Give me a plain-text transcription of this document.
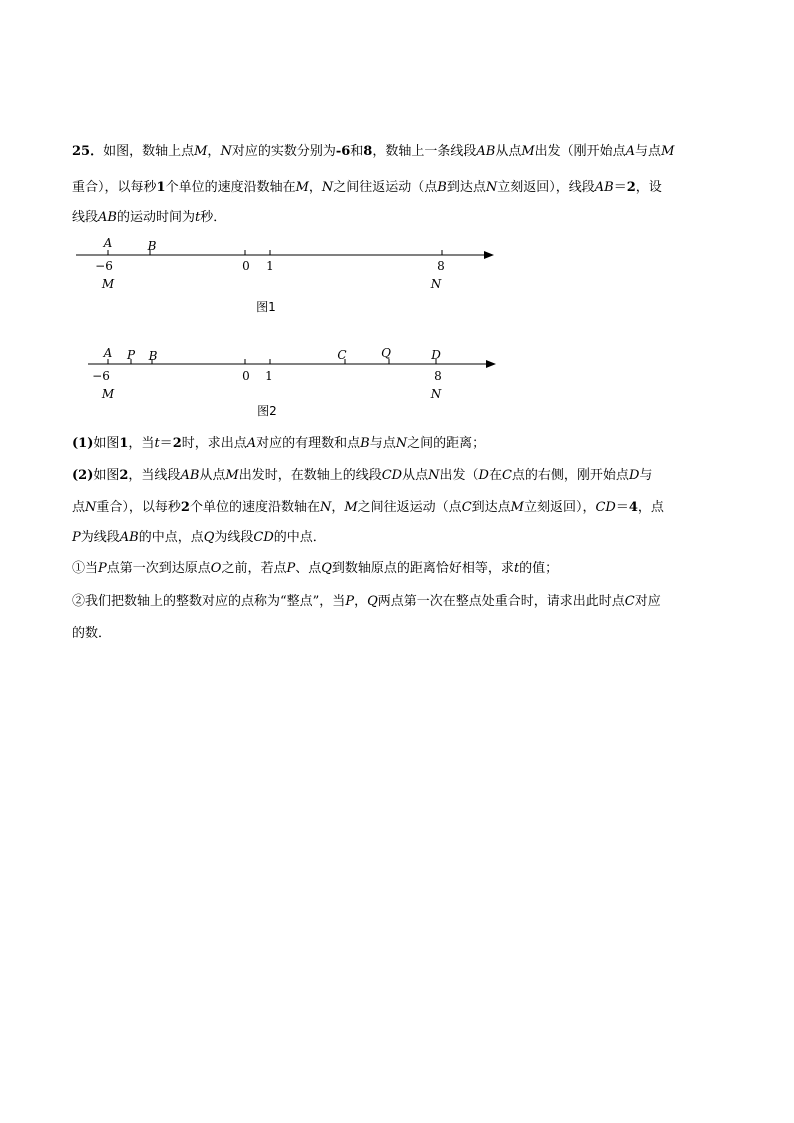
25．如图，数轴上点M，N对应的实数分别为-6和8，数轴上一条线段AB从点M出发（刚开始点A与点M
重合），以每秒1个单位的速度沿数轴在M，N之间往返运动（点B到达点N立刻返回），线段AB＝2，设
线段AB的运动时间为t秒．
A	B
−6	0 1	8
M	N
图1
A P B	C	Q	D
−6	0 1	8
M	N
图2
(1)如图1，当t＝2时，求出点A对应的有理数和点B与点N之间的距离；
(2)如图2，当线段AB从点M出发时，在数轴上的线段CD从点N出发（D在C点的右侧，刚开始点D与
点N重合），以每秒2个单位的速度沿数轴在N，M之间往返运动（点C到达点M立刻返回），CD＝4，点
P为线段AB的中点，点Q为线段CD的中点．
①当P点第一次到达原点O之前，若点P、点Q到数轴原点的距离恰好相等，求t的值；
②我们把数轴上的整数对应的点称为“整点”，当P，Q两点第一次在整点处重合时，请求出此时点C对应
的数．
